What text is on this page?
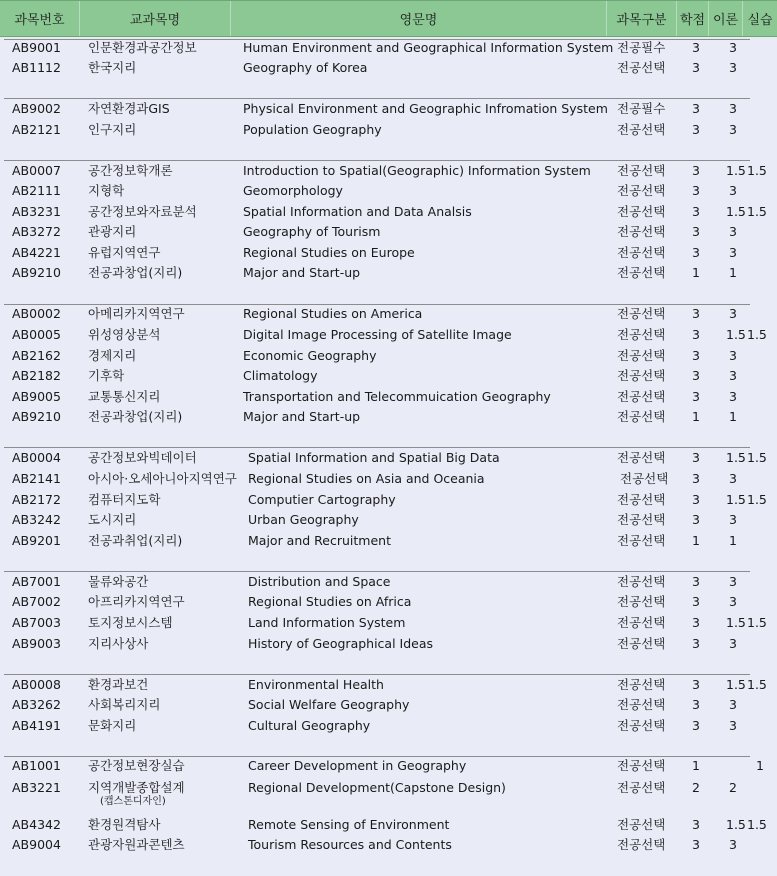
과목번호	교과목명	영문명	과목구분	학점 이론 실습
AB9001 인문환경과공간정보	Human Environment and Geographical Information System 전공필수 3 3
AB1112 한국지리	Geography of Korea	전공선택 3 3
AB9002 자연환경과GIS	Physical Environment and Geographic Infromation System 전공필수 3 3
AB2121 인구지리	Population Geography	전공선택 3 3
AB0007 공간정보학개론	Introduction to Spatial(Geographic) Information System 전공선택 3 1.5 1.5
AB2111 지형학	Geomorphology	전공선택 3 3
AB3231 공간정보와자료분석	Spatial Information and Data Analsis	전공선택 3 1.5 1.5
AB3272 관광지리	Geography of Tourism	전공선택 3 3
AB4221 유럽지역연구	Regional Studies on Europe	전공선택 3 3
AB9210 전공과창업(지리)	Major and Start-up	전공선택 1 1
AB0002 아메리카지역연구	Regional Studies on America	전공선택 3 3
AB0005 위성영상분석	Digital Image Processing of Satellite Image	전공선택 3 1.5 1.5
AB2162 경제지리	Economic Geography	전공선택 3 3
AB2182 기후학	Climatology	전공선택 3 3
AB9005 교통통신지리	Transportation and Telecommuication Geography	전공선택 3 3
AB9210 전공과창업(지리)	Major and Start-up	전공선택 1 1
AB0004 공간정보와빅데이터	Spatial Information and Spatial Big Data	전공선택 3 1.5 1.5
AB2141 아시아·오세아니아지역연구 Regional Studies on Asia and Oceania	전공선택 3 3
AB2172 컴퓨터지도학	Computier Cartography	전공선택 3 1.5 1.5
AB3242 도시지리	Urban Geography	전공선택 3 3
AB9201 전공과취업(지리)	Major and Recruitment	전공선택 1 1
AB7001 물류와공간	Distribution and Space	전공선택 3 3
AB7002 아프리카지역연구	Regional Studies on Africa	전공선택 3 3
AB7003 토지정보시스템	Land Information System	전공선택 3 1.5 1.5
AB9003 지리사상사	History of Geographical Ideas	전공선택 3 3
AB0008 환경과보건	Environmental Health	전공선택 3 1.5 1.5
AB3262 사회복리지리	Social Welfare Geography	전공선택 3 3
AB4191 문화지리	Cultural Geography	전공선택 3 3
AB1001 공간정보현장실습	Career Development in Geography	전공선택 1	1
AB3221 지역개발종합설계	Regional Development(Capstone Design)	전공선택 2 2
(캡스톤디자인)
AB4342 환경원격탐사	Remote Sensing of Environment	전공선택 3 1.5 1.5
AB9004 관광자원과콘텐츠	Tourism Resources and Contents	전공선택 3 3
